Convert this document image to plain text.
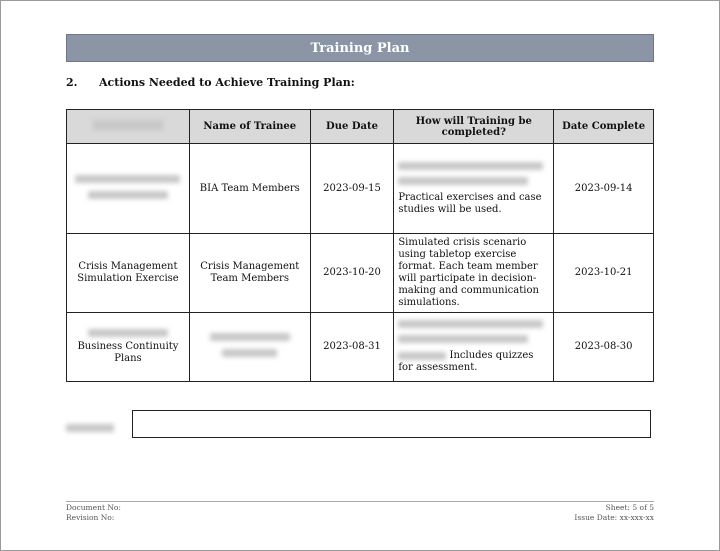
Training Plan
2. Actions Needed to Achieve Training Plan:
	Name of Trainee	Due Date	How will Training be completed?	Date Complete

	BIA Team Members	2023-09-15	Practical exercises and case studies will be used.	2023-09-14
Crisis Management Simulation Exercise	Crisis Management Team Members	2023-10-20	Simulated crisis scenario using tabletop exercise format. Each team member will participate in decision-making and communication simulations.	2023-10-21

Business Continuity Plans		2023-08-31	Includes quizzes for assessment.	2023-08-30
Document No:
Revision No:
Sheet: 5 of 5
Issue Date: xx-xxx-xx
